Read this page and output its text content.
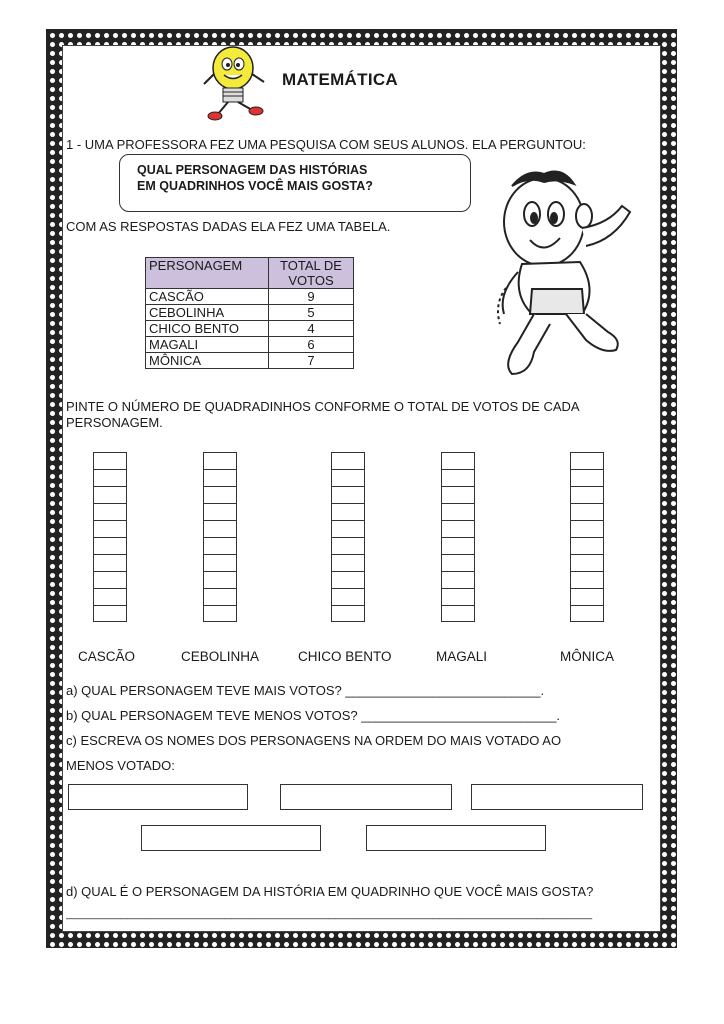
MATEMÁTICA
1 - UMA PROFESSORA FEZ UMA PESQUISA COM SEUS ALUNOS. ELA PERGUNTOU:
QUAL PERSONAGEM DAS HISTÓRIAS
EM QUADRINHOS VOCÊ MAIS GOSTA?
COM AS RESPOSTAS DADAS ELA FEZ UMA TABELA.
PERSONAGEM	TOTAL DE
VOTOS
CASCÃO	9
CEBOLINHA	5
CHICO BENTO	4
MAGALI	6
MÔNICA	7
PINTE O NÚMERO DE QUADRADINHOS CONFORME O TOTAL DE VOTOS DE CADA
PERSONAGEM.
CASCÃO	CEBOLINHA	CHICO BENTO	MAGALI	MÔNICA
a) QUAL PERSONAGEM TEVE MAIS VOTOS? ___________________________.
b) QUAL PERSONAGEM TEVE MENOS VOTOS? ___________________________.
c) ESCREVA OS NOMES DOS PERSONAGENS NA ORDEM DO MAIS VOTADO AO
MENOS VOTADO:
d) QUAL É O PERSONAGEM DA HISTÓRIA EM QUADRINHO QUE VOCÊ MAIS GOSTA?
______________________________________________________________________________________
